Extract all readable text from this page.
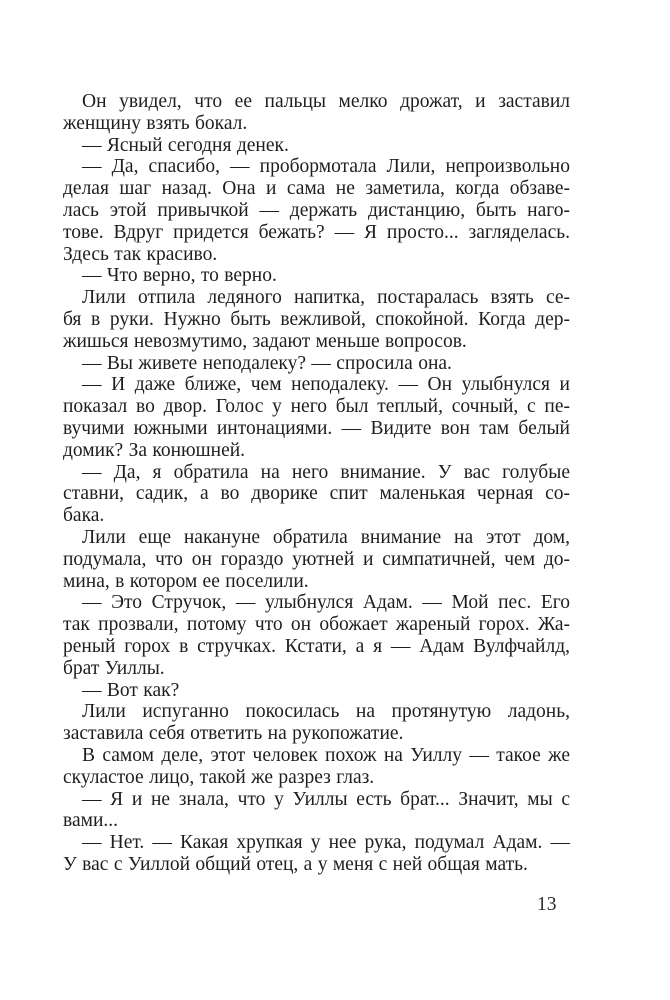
Он увидел, что ее пальцы мелко дрожат, и заставил
женщину взять бокал.

— Ясный сегодня денек.

— Да, спасибо, — пробормотала Лили, непроизвольно
делая шаг назад. Она и сама не заметила, когда обзаве-
лась этой привычкой — держать дистанцию, быть наго-
тове. Вдруг придется бежать? — Я просто... загляделась.
Здесь так красиво.

— Что верно, то верно.

Лили отпила ледяного напитка, постаралась взять се-
бя в руки. Нужно быть вежливой, спокойной. Когда дер-
жишься невозмутимо, задают меньше вопросов.

— Вы живете неподалеку? — спросила она.

— И даже ближе, чем неподалеку. — Он улыбнулся и
показал во двор. Голос у него был теплый, сочный, с пе-
вучими южными интонациями. — Видите вон там белый
домик? За конюшней.

— Да, я обратила на него внимание. У вас голубые
ставни, садик, а во дворике спит маленькая черная со-
бака.

Лили еще накануне обратила внимание на этот дом,
подумала, что он гораздо уютней и симпатичней, чем до-
мина, в котором ее поселили.

— Это Стручок, — улыбнулся Адам. — Мой пес. Его
так прозвали, потому что он обожает жареный горох. Жа-
реный горох в стручках. Кстати, а я — Адам Вулфчайлд,
брат Уиллы.

— Вот как?

Лили испуганно покосилась на протянутую ладонь,
заставила себя ответить на рукопожатие.

В самом деле, этот человек похож на Уиллу — такое же
скуластое лицо, такой же разрез глаз.

— Я и не знала, что у Уиллы есть брат... Значит, мы с
вами...

— Нет. — Какая хрупкая у нее рука, подумал Адам. —
У вас с Уиллой общий отец, а у меня с ней общая мать.

13
